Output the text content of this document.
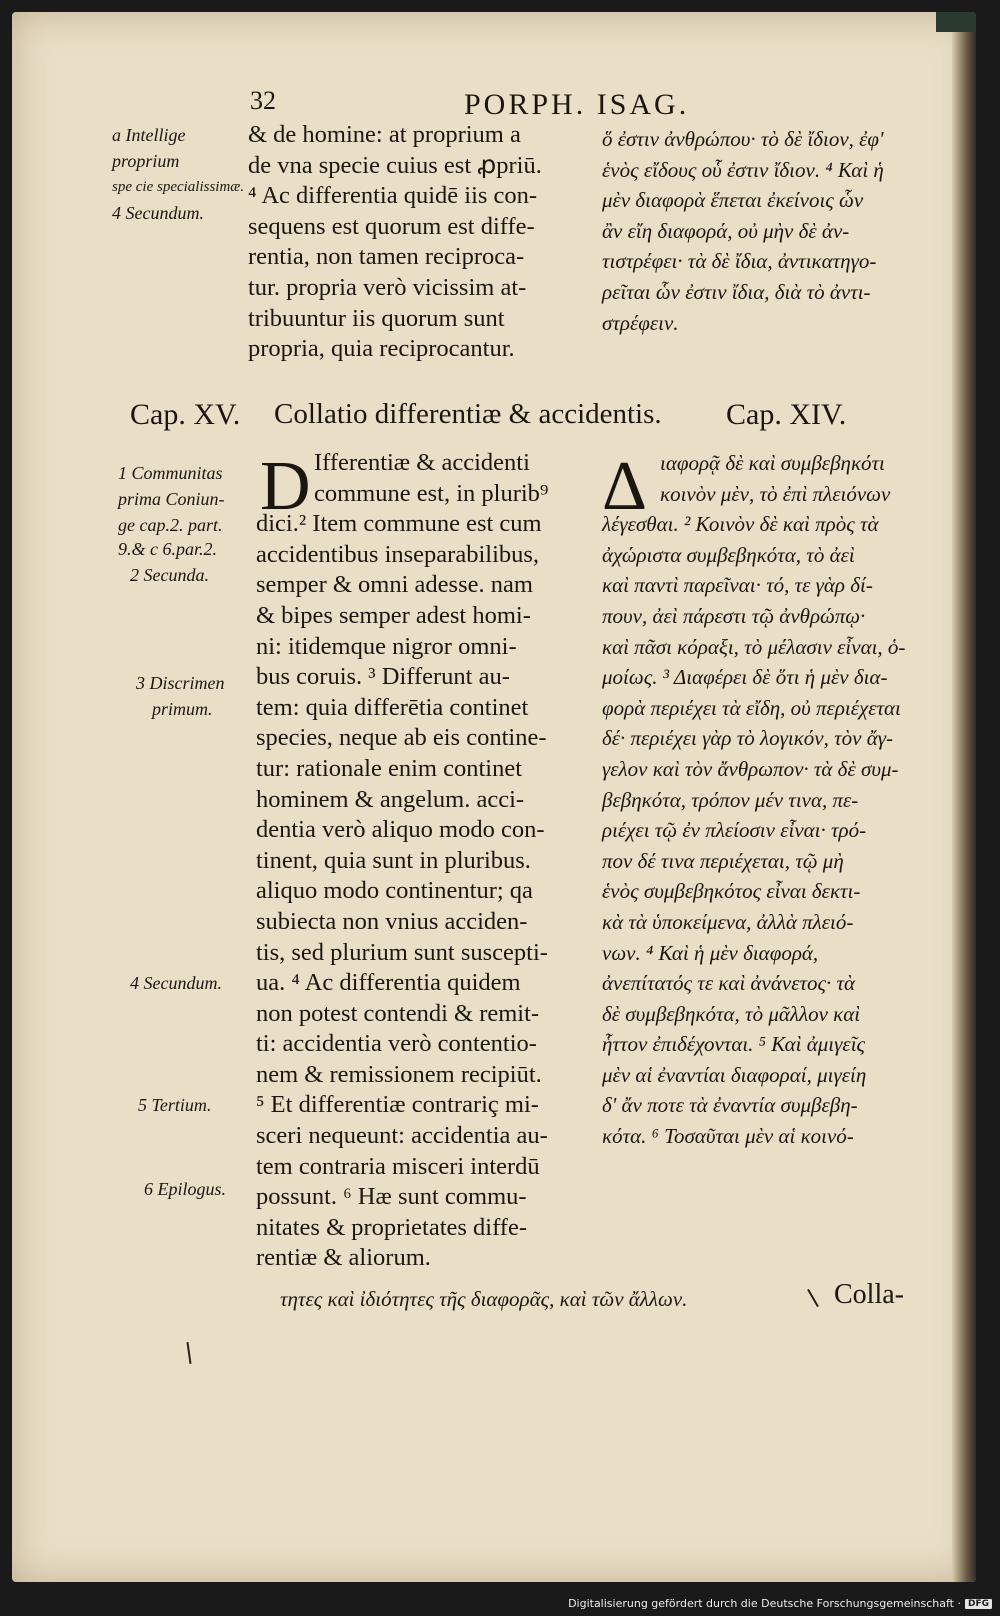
32	PORPH. ISAG.
a Intellige
proprium
spe cie specialissimæ.
4 Secundum.
& de homine: at proprium a
de vna specie cuius est ꝓpriū.
⁴ Ac differentia quidē iis con-
sequens est quorum est diffe-
rentia, non tamen reciproca-
tur. propria verò vicissim at-
tribuuntur iis quorum sunt
propria, quia reciprocantur.
ὅ ἐστιν ἀνθρώπου· τὸ δὲ ἴδιον, ἐφ'
ἑνὸς εἴδους οὗ ἐστιν ἴδιον. ⁴ Καὶ ἡ
μὲν διαφορὰ ἕπεται ἐκείνοις ὧν
ἂν εἴη διαφορά, οὐ μὴν δὲ ἀν-
τιστρέφει· τὰ δὲ ἴδια, ἀντικατηγο-
ρεῖται ὧν ἐστιν ἴδια, διὰ τὸ ἀντι-
στρέφειν.
Cap. XV. Collatio differentiæ & accidentis. Cap. XIV.
1 Communitas
prima Coniun-
ge cap.2. part.
9.& c 6.par.2.
2 Secunda.
3 Discrimen
primum.
4 Secundum.
5 Tertium.
6 Epilogus.
D Ifferentiæ & accidenti
commune est, in plurib⁹
dici.² Item commune est cum
accidentibus inseparabilibus,
semper & omni adesse. nam
& bipes semper adest homi-
ni: itidemque nigror omni-
bus coruis. ³ Differunt au-
tem: quia differētia continet
species, neque ab eis contine-
tur: rationale enim continet
hominem & angelum. acci-
dentia verò aliquo modo con-
tinent, quia sunt in pluribus.
aliquo modo continentur; qa
subiecta non vnius acciden-
tis, sed plurium sunt suscepti-
ua. ⁴ Ac differentia quidem
non potest contendi & remit-
ti: accidentia verò contentio-
nem & remissionem recipiūt.
⁵ Et differentiæ contrariç mi-
sceri nequeunt: accidentia au-
tem contraria misceri interdū
possunt. ⁶ Hæ sunt commu-
nitates & proprietates diffe-
rentiæ & aliorum.
Δ ιαφορᾷ δὲ καὶ συμβεβηκότι
κοινὸν μὲν, τὸ ἐπὶ πλειόνων
λέγεσθαι. ² Κοινὸν δὲ καὶ πρὸς τὰ
ἀχώριστα συμβεβηκότα, τὸ ἀεὶ
καὶ παντὶ παρεῖναι· τό, τε γὰρ δί-
πουν, ἀεὶ πάρεστι τῷ ἀνθρώπῳ·
καὶ πᾶσι κόραξι, τὸ μέλασιν εἶναι, ὁ-
μοίως. ³ Διαφέρει δὲ ὅτι ἡ μὲν δια-
φορὰ περιέχει τὰ εἴδη, οὐ περιέχεται
δέ· περιέχει γὰρ τὸ λογικόν, τὸν ἄγ-
γελον καὶ τὸν ἄνθρωπον· τὰ δὲ συμ-
βεβηκότα, τρόπον μέν τινα, πε-
ριέχει τῷ ἐν πλείοσιν εἶναι· τρό-
πον δέ τινα περιέχεται, τῷ μὴ
ἑνὸς συμβεβηκότος εἶναι δεκτι-
κὰ τὰ ὑποκείμενα, ἀλλὰ πλειό-
νων. ⁴ Καὶ ἡ μὲν διαφορά,
ἀνεπίτατός τε καὶ ἀνάνετος· τὰ
δὲ συμβεβηκότα, τὸ μᾶλλον καὶ
ἧττον ἐπιδέχονται. ⁵ Καὶ ἀμιγεῖς
μὲν αἱ ἐναντίαι διαφοραί, μιγείη
δ' ἄν ποτε τὰ ἐναντία συμβεβη-
κότα. ⁶ Τοσαῦται μὲν αἱ κοινό-
τητες καὶ ἰδιότητες τῆς διαφορᾶς, καὶ τῶν ἄλλων.	Colla-
Digitalisierung gefördert durch die Deutsche Forschungsgemeinschaft · DFG
